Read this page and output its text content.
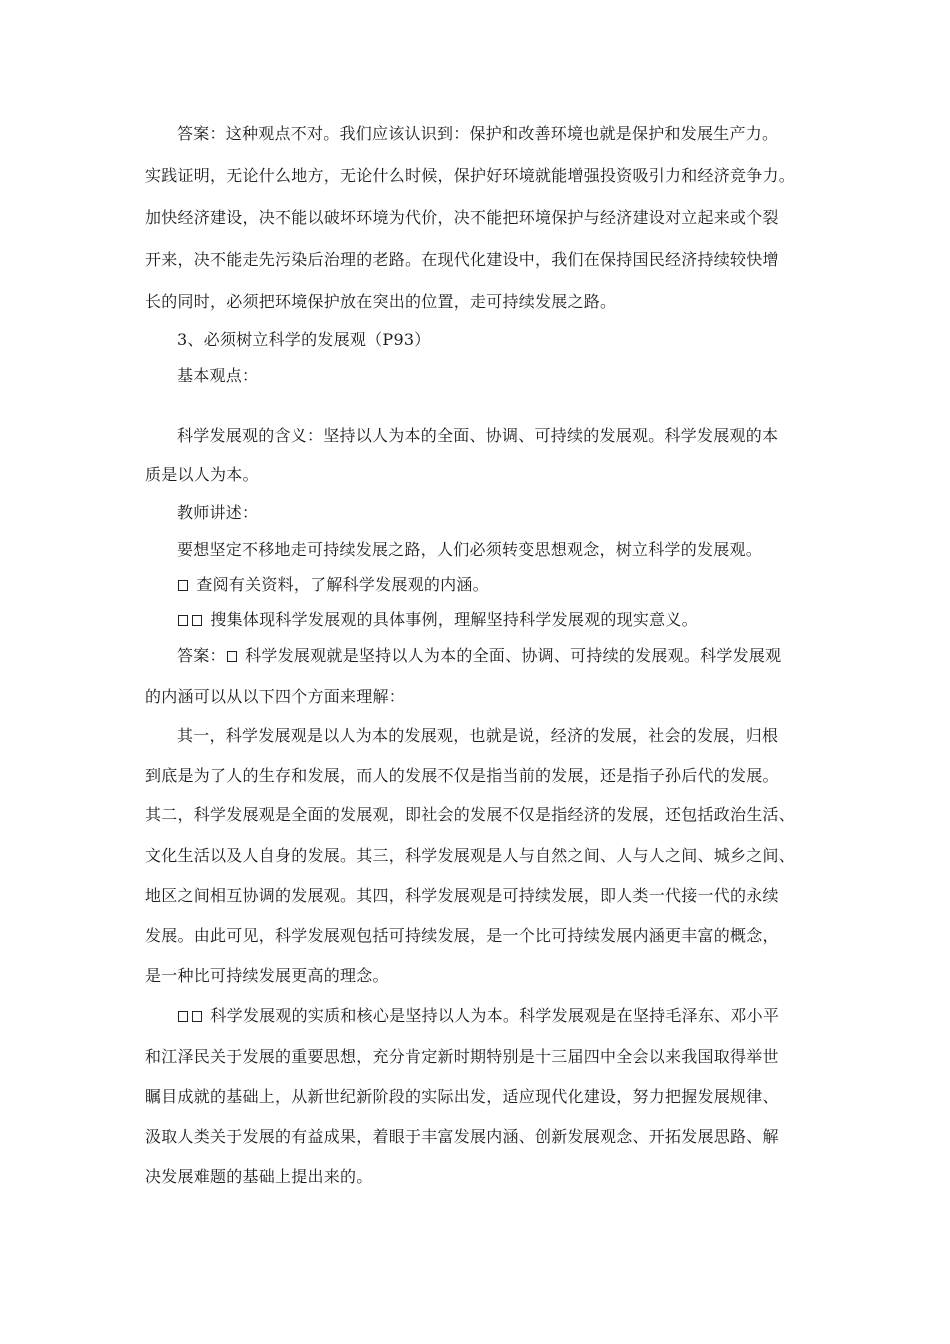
答案：这种观点不对。我们应该认识到：保护和改善环境也就是保护和发展生产力。
实践证明，无论什么地方，无论什么时候，保护好环境就能增强投资吸引力和经济竞争力。
加快经济建设，决不能以破坏环境为代价，决不能把环境保护与经济建设对立起来或个裂
开来，决不能走先污染后治理的老路。在现代化建设中，我们在保持国民经济持续较快增
长的同时，必须把环境保护放在突出的位置，走可持续发展之路。
3、必须树立科学的发展观（P93）
基本观点：
科学发展观的含义：坚持以人为本的全面、协调、可持续的发展观。科学发展观的本
质是以人为本。
教师讲述：
要想坚定不移地走可持续发展之路，人们必须转变思想观念，树立科学的发展观。
查阅有关资料，了解科学发展观的内涵。
搜集体现科学发展观的具体事例，理解坚持科学发展观的现实意义。
答案： 科学发展观就是坚持以人为本的全面、协调、可持续的发展观。科学发展观
的内涵可以从以下四个方面来理解：
其一，科学发展观是以人为本的发展观，也就是说，经济的发展，社会的发展，归根
到底是为了人的生存和发展，而人的发展不仅是指当前的发展，还是指子孙后代的发展。
其二，科学发展观是全面的发展观，即社会的发展不仅是指经济的发展，还包括政治生活、
文化生活以及人自身的发展。其三，科学发展观是人与自然之间、人与人之间、城乡之间、
地区之间相互协调的发展观。其四，科学发展观是可持续发展，即人类一代接一代的永续
发展。由此可见，科学发展观包括可持续发展，是一个比可持续发展内涵更丰富的概念，
是一种比可持续发展更高的理念。
科学发展观的实质和核心是坚持以人为本。科学发展观是在坚持毛泽东、邓小平
和江泽民关于发展的重要思想，充分肯定新时期特别是十三届四中全会以来我国取得举世
瞩目成就的基础上，从新世纪新阶段的实际出发，适应现代化建设，努力把握发展规律、
汲取人类关于发展的有益成果，着眼于丰富发展内涵、创新发展观念、开拓发展思路、解
决发展难题的基础上提出来的。
